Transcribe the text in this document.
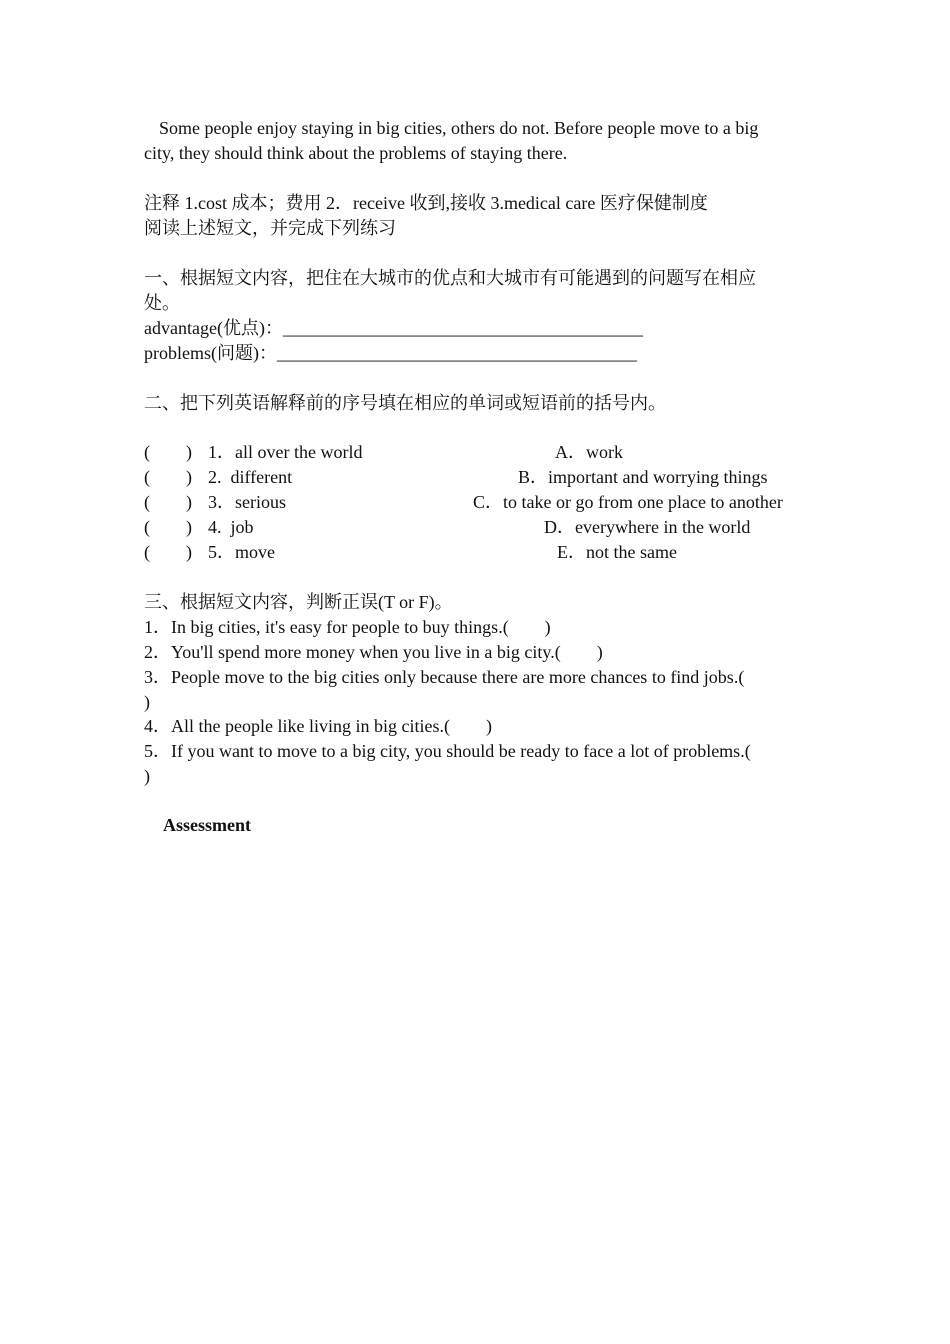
Some people enjoy staying in big cities, others do not. Before people move to a big
city, they should think about the problems of staying there.
注释 1.cost 成本；费用 2．receive 收到,接收 3.medical care 医疗保健制度
阅读上述短文，并完成下列练习
一、根据短文内容，把住在大城市的优点和大城市有可能遇到的问题写在相应
处。
advantage(优点)：________________________________________
problems(问题)：________________________________________
二、把下列英语解释前的序号填在相应的单词或短语前的括号内。
(        ) 1．all over the world	A．work
(        ) 2.  different	B．important and worrying things
(        ) 3．serious	C．to take or go from one place to another
(        ) 4.  job	D．everywhere in the world
(        ) 5．move	E．not the same
三、根据短文内容，判断正误(T or F)。
1．In big cities, it's easy for people to buy things.(        )
2．You'll spend more money when you live in a big city.(        )
3．People move to the big cities only because there are more chances to find jobs.(
)
4．All the people like living in big cities.(        )
5．If you want to move to a big city, you should be ready to face a lot of problems.(
)
Assessment
